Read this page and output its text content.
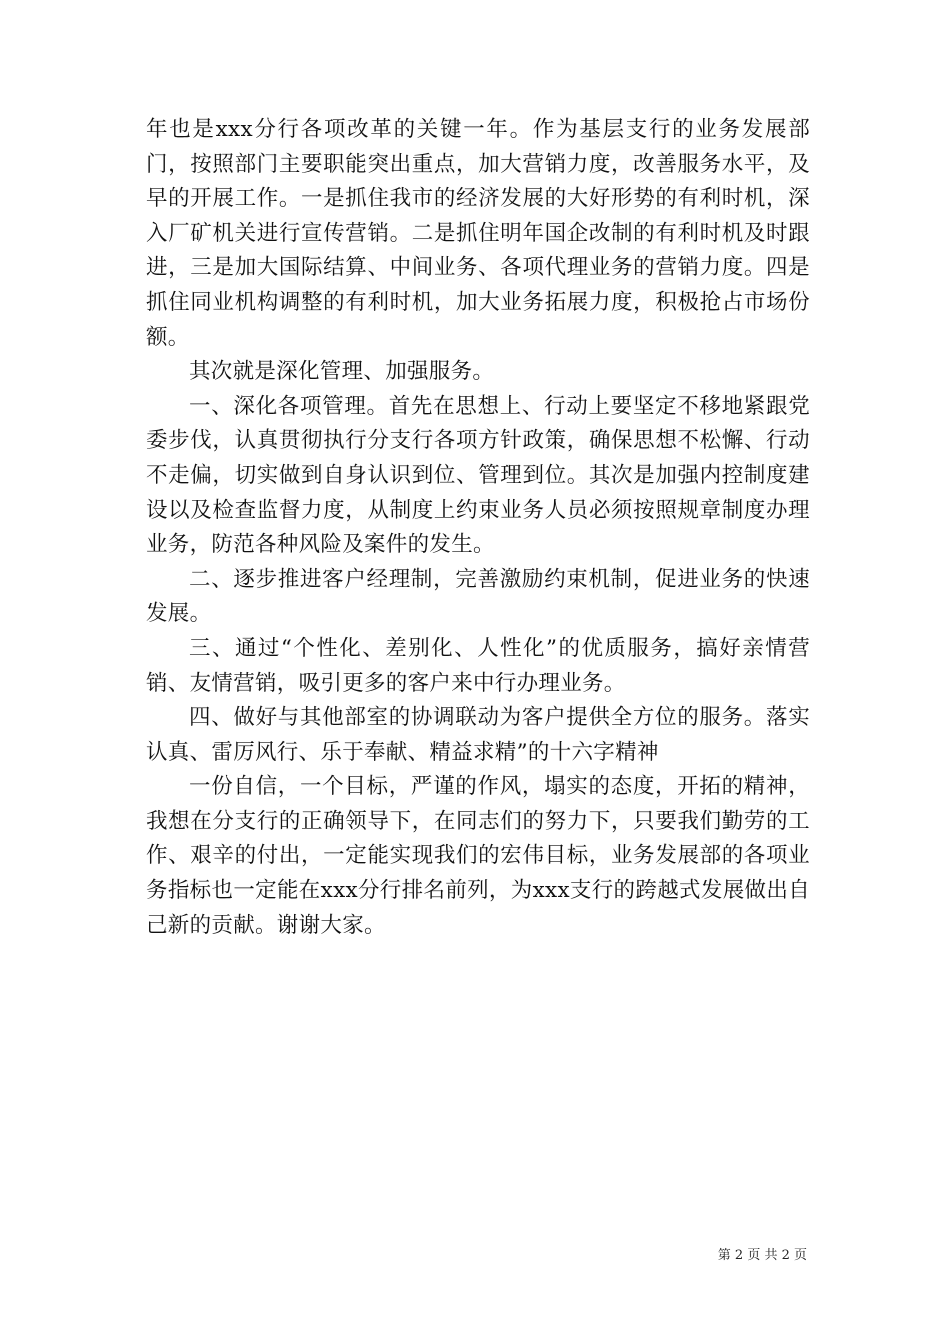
年也是xxx分行各项改革的关键一年。作为基层支行的业务发展部门，按照部门主要职能突出重点，加大营销力度，改善服务水平，及早的开展工作。一是抓住我市的经济发展的大好形势的有利时机，深入厂矿机关进行宣传营销。二是抓住明年国企改制的有利时机及时跟进，三是加大国际结算、中间业务、各项代理业务的营销力度。四是抓住同业机构调整的有利时机，加大业务拓展力度，积极抢占市场份额。

其次就是深化管理、加强服务。

一、深化各项管理。首先在思想上、行动上要坚定不移地紧跟党委步伐，认真贯彻执行分支行各项方针政策，确保思想不松懈、行动不走偏，切实做到自身认识到位、管理到位。其次是加强内控制度建设以及检查监督力度，从制度上约束业务人员必须按照规章制度办理业务，防范各种风险及案件的发生。

二、逐步推进客户经理制，完善激励约束机制，促进业务的快速发展。

三、通过“个性化、差别化、人性化”的优质服务，搞好亲情营销、友情营销，吸引更多的客户来中行办理业务。

四、做好与其他部室的协调联动为客户提供全方位的服务。落实认真、雷厉风行、乐于奉献、精益求精”的十六字精神

一份自信，一个目标，严谨的作风，塌实的态度，开拓的精神，我想在分支行的正确领导下，在同志们的努力下，只要我们勤劳的工作、艰辛的付出，一定能实现我们的宏伟目标，业务发展部的各项业务指标也一定能在xxx分行排名前列，为xxx支行的跨越式发展做出自己新的贡献。谢谢大家。

第 2 页 共 2 页
